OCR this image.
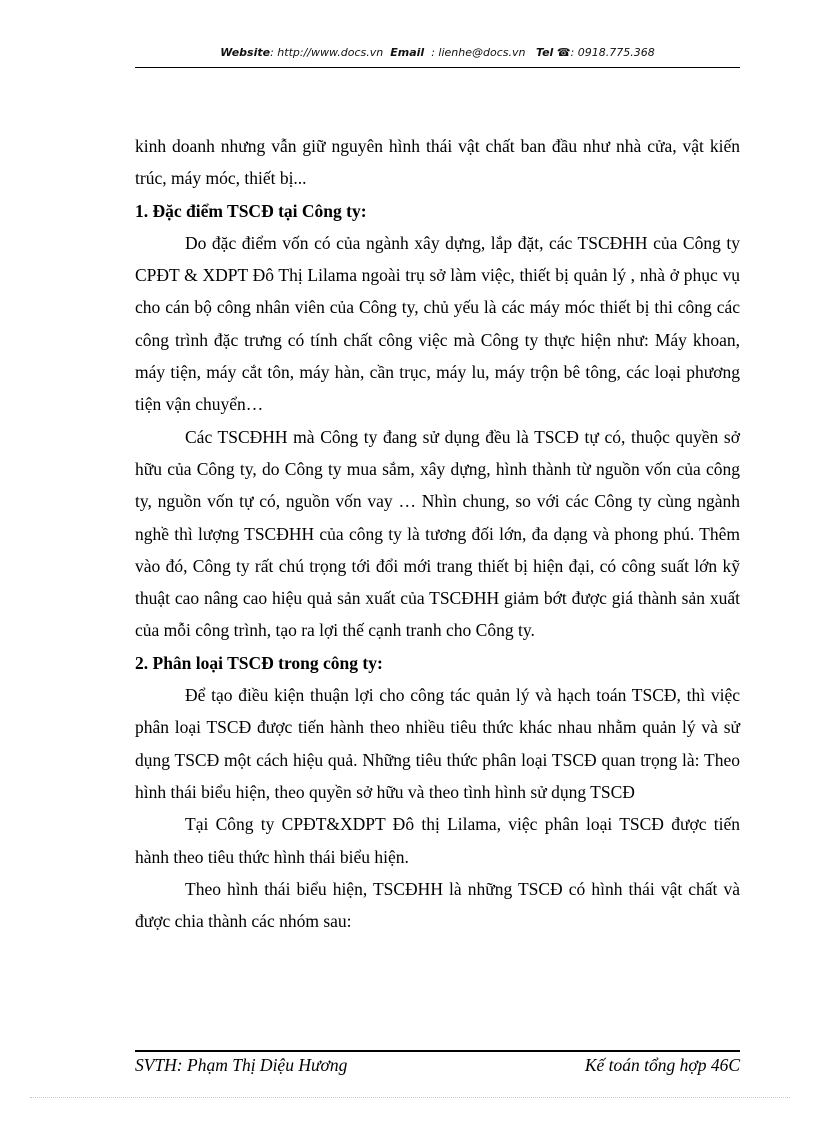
Website: http://www.docs.vn Email : lienhe@docs.vn Tel ☎: 0918.775.368

kinh doanh nhưng vẫn giữ nguyên hình thái vật chất ban đầu như nhà cửa, vật kiến trúc, máy móc, thiết bị...

1. Đặc điểm TSCĐ tại Công ty:

Do đặc điểm vốn có của ngành xây dựng, lắp đặt, các TSCĐHH của Công ty CPĐT & XDPT Đô Thị Lilama ngoài trụ sở làm việc, thiết bị quản lý , nhà ở phục vụ cho cán bộ công nhân viên của Công ty, chủ yếu là các máy móc thiết bị thi công các công trình đặc trưng có tính chất công việc mà Công ty thực hiện như: Máy khoan, máy tiện, máy cắt tôn, máy hàn, cần trục, máy lu, máy trộn bê tông, các loại phương tiện vận chuyển…

Các TSCĐHH mà Công ty đang sử dụng đều là TSCĐ tự có, thuộc quyền sở hữu của Công ty, do Công ty mua sắm, xây dựng, hình thành từ nguồn vốn của công ty, nguồn vốn tự có, nguồn vốn vay … Nhìn chung, so với các Công ty cùng ngành nghề thì lượng TSCĐHH của công ty là tương đối lớn, đa dạng và phong phú. Thêm vào đó, Công ty rất chú trọng tới đổi mới trang thiết bị hiện đại, có công suất lớn kỹ thuật cao nâng cao hiệu quả sản xuất của TSCĐHH giảm bớt được giá thành sản xuất của mỗi công trình, tạo ra lợi thế cạnh tranh cho Công ty.

2. Phân loại TSCĐ trong công ty:

Để tạo điều kiện thuận lợi cho công tác quản lý và hạch toán TSCĐ, thì việc phân loại TSCĐ được tiến hành theo nhiều tiêu thức khác nhau nhằm quản lý và sử dụng TSCĐ một cách hiệu quả. Những tiêu thức phân loại TSCĐ quan trọng là: Theo hình thái biểu hiện, theo quyền sở hữu và theo tình hình sử dụng TSCĐ

Tại Công ty CPĐT&XDPT Đô thị Lilama, việc phân loại TSCĐ được tiến hành theo tiêu thức hình thái biểu hiện.

Theo hình thái biểu hiện, TSCĐHH là những TSCĐ có hình thái vật chất và được chia thành các nhóm sau:

SVTH: Phạm Thị Diệu Hương	Kế toán tổng hợp 46C
